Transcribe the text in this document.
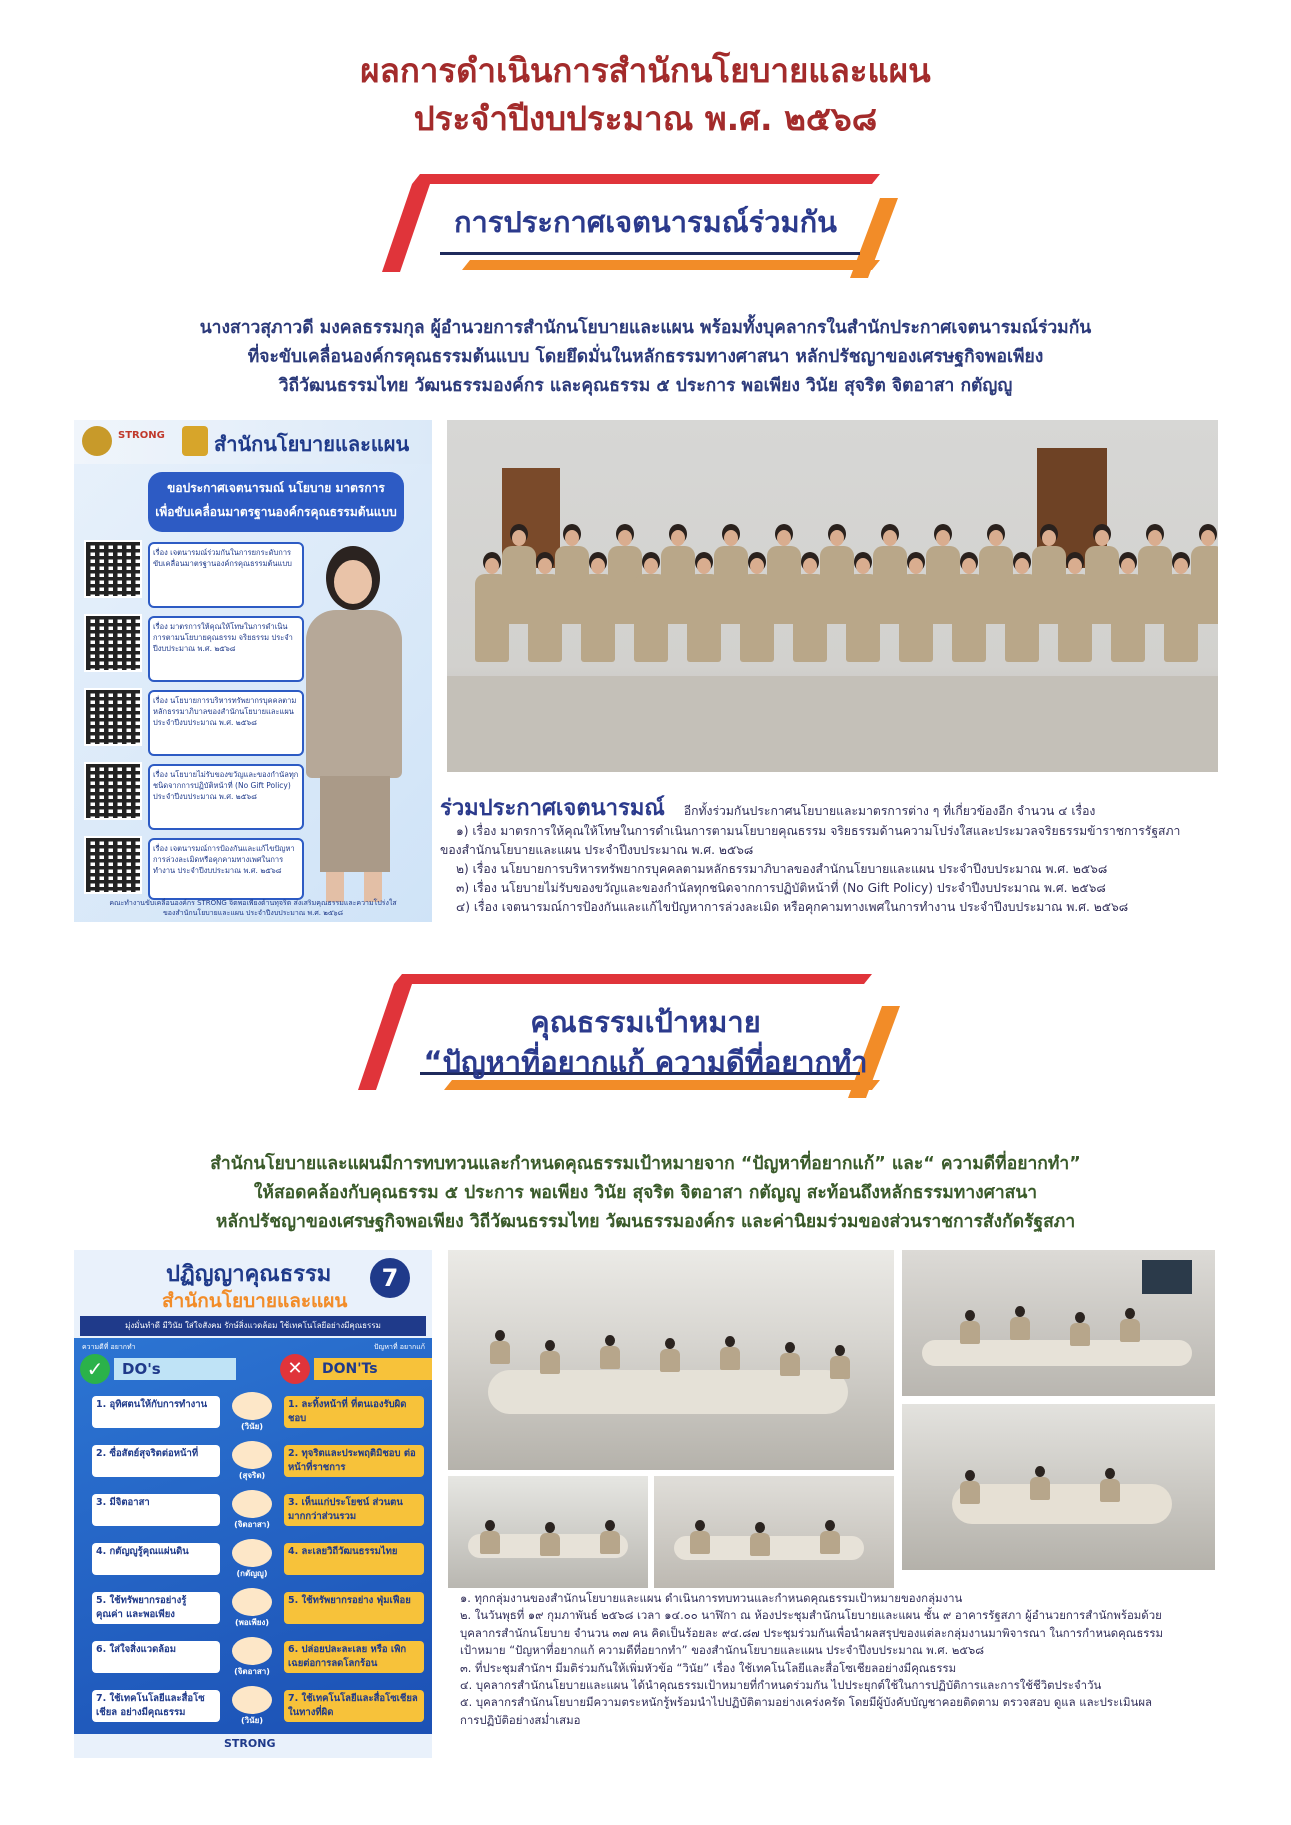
ผลการดำเนินการสำนักนโยบายและแผน
ประจำปีงบประมาณ พ.ศ. ๒๕๖๘
การประกาศเจตนารมณ์ร่วมกัน
นางสาวสุภาวดี มงคลธรรมกุล ผู้อำนวยการสำนักนโยบายและแผน พร้อมทั้งบุคลากรในสำนักประกาศเจตนารมณ์ร่วมกัน
ที่จะขับเคลื่อนองค์กรคุณธรรมต้นแบบ โดยยึดมั่นในหลักธรรมทางศาสนา หลักปรัชญาของเศรษฐกิจพอเพียง
วิถีวัฒนธรรมไทย วัฒนธรรมองค์กร และคุณธรรม ๕ ประการ พอเพียง วินัย สุจริต จิตอาสา กตัญญู
STRONG สำนักนโยบายและแผน
ขอประกาศเจตนารมณ์ นโยบาย มาตรการ
เพื่อขับเคลื่อนมาตรฐานองค์กรคุณธรรมต้นแบบ
เรื่อง เจตนารมณ์ร่วมกันในการยกระดับการขับเคลื่อนมาตรฐานองค์กรคุณธรรมต้นแบบ
เรื่อง มาตรการให้คุณให้โทษในการดำเนินการตามนโยบายคุณธรรม จริยธรรม ประจำปีงบประมาณ พ.ศ. ๒๕๖๘
เรื่อง นโยบายการบริหารทรัพยากรบุคคลตามหลักธรรมาภิบาลของสำนักนโยบายและแผน ประจำปีงบประมาณ พ.ศ. ๒๕๖๘
เรื่อง นโยบายไม่รับของขวัญและของกำนัลทุกชนิดจากการปฏิบัติหน้าที่ (No Gift Policy) ประจำปีงบประมาณ พ.ศ. ๒๕๖๘
เรื่อง เจตนารมณ์การป้องกันและแก้ไขปัญหาการล่วงละเมิดหรือคุกคามทางเพศในการทำงาน ประจำปีงบประมาณ พ.ศ. ๒๕๖๘
คณะทำงานขับเคลื่อนองค์กร STRONG จิตพอเพียงต้านทุจริต ส่งเสริมคุณธรรมและความโปร่งใส
ของสำนักนโยบายและแผน ประจำปีงบประมาณ พ.ศ. ๒๕๖๘
ร่วมประกาศเจตนารมณ์ อีกทั้งร่วมกันประกาศนโยบายและมาตรการต่าง ๆ ที่เกี่ยวข้องอีก จำนวน ๔ เรื่อง
๑) เรื่อง มาตรการให้คุณให้โทษในการดำเนินการตามนโยบายคุณธรรม จริยธรรมด้านความโปร่งใสและประมวลจริยธรรมข้าราชการรัฐสภา
ของสำนักนโยบายและแผน ประจำปีงบประมาณ พ.ศ. ๒๕๖๘
๒) เรื่อง นโยบายการบริหารทรัพยากรบุคคลตามหลักธรรมาภิบาลของสำนักนโยบายและแผน ประจำปีงบประมาณ พ.ศ. ๒๕๖๘
๓) เรื่อง นโยบายไม่รับของขวัญและของกำนัลทุกชนิดจากการปฏิบัติหน้าที่ (No Gift Policy) ประจำปีงบประมาณ พ.ศ. ๒๕๖๘
๔) เรื่อง เจตนารมณ์การป้องกันและแก้ไขปัญหาการล่วงละเมิด หรือคุกคามทางเพศในการทำงาน ประจำปีงบประมาณ พ.ศ. ๒๕๖๘
คุณธรรมเป้าหมาย
“ปัญหาที่อยากแก้ ความดีที่อยากทำ
สำนักนโยบายและแผนมีการทบทวนและกำหนดคุณธรรมเป้าหมายจาก “ปัญหาที่อยากแก้” และ“ ความดีที่อยากทำ”
ให้สอดคล้องกับคุณธรรม ๕ ประการ พอเพียง วินัย สุจริต จิตอาสา กตัญญู สะท้อนถึงหลักธรรมทางศาสนา
หลักปรัชญาของเศรษฐกิจพอเพียง วิถีวัฒนธรรมไทย วัฒนธรรมองค์กร และค่านิยมร่วมของส่วนราชการสังกัดรัฐสภา
ปฏิญญาคุณธรรม
สำนักนโยบายและแผน
7
มุ่งมั่นทำดี มีวินัย ใส่ใจสังคม รักษ์สิ่งแวดล้อม ใช้เทคโนโลยีอย่างมีคุณธรรม
ความดีที่ อยากทำ	ปัญหาที่ อยากแก้
✓	DO's	✕	DON'Ts
1. อุทิศตนให้กับการทำงาน
(วินัย)
1. ละทิ้งหน้าที่ ที่ตนเองรับผิดชอบ
2. ซื่อสัตย์สุจริตต่อหน้าที่
(สุจริต)
2. ทุจริตและประพฤติมิชอบ ต่อหน้าที่ราชการ
3. มีจิตอาสา
(จิตอาสา)
3. เห็นแก่ประโยชน์ ส่วนตนมากกว่าส่วนรวม
4. กตัญญูรู้คุณแผ่นดิน
(กตัญญู)
4. ละเลยวิถีวัฒนธรรมไทย
5. ใช้ทรัพยากรอย่างรู้ คุณค่า และพอเพียง
(พอเพียง)
5. ใช้ทรัพยากรอย่าง ฟุ่มเฟือย
6. ใส่ใจสิ่งแวดล้อม
(จิตอาสา)
6. ปล่อยปละละเลย หรือ เพิกเฉยต่อการลดโลกร้อน
7. ใช้เทคโนโลยีและสื่อโซเชียล อย่างมีคุณธรรม
(วินัย)
7. ใช้เทคโนโลยีและสื่อโซเชียล ในทางที่ผิด
STRONG
๑. ทุกกลุ่มงานของสำนักนโยบายและแผน ดำเนินการทบทวนและกำหนดคุณธรรมเป้าหมายของกลุ่มงาน
๒. ในวันพุธที่ ๑๙ กุมภาพันธ์ ๒๕๖๘ เวลา ๑๔.๐๐ นาฬิกา ณ ห้องประชุมสำนักนโยบายและแผน ชั้น ๙ อาคารรัฐสภา ผู้อำนวยการสำนักพร้อมด้วย
บุคลากรสำนักนโยบาย จำนวน ๓๗ คน คิดเป็นร้อยละ ๙๔.๘๗ ประชุมร่วมกันเพื่อนำผลสรุปของแต่ละกลุ่มงานมาพิจารณา ในการกำหนดคุณธรรม
เป้าหมาย “ปัญหาที่อยากแก้ ความดีที่อยากทำ” ของสำนักนโยบายและแผน ประจำปีงบประมาณ พ.ศ. ๒๕๖๘
๓. ที่ประชุมสำนักฯ มีมติร่วมกันให้เพิ่มหัวข้อ “วินัย” เรื่อง ใช้เทคโนโลยีและสื่อโซเชียลอย่างมีคุณธรรม
๔. บุคลากรสำนักนโยบายและแผน ได้นำคุณธรรมเป้าหมายที่กำหนดร่วมกัน ไปประยุกต์ใช้ในการปฏิบัติการและการใช้ชีวิตประจำวัน
๕. บุคลากรสำนักนโยบายมีความตระหนักรู้พร้อมนำไปปฏิบัติตามอย่างเคร่งครัด โดยมีผู้บังคับบัญชาคอยติดตาม ตรวจสอบ ดูแล และประเมินผล
การปฏิบัติอย่างสม่ำเสมอ
